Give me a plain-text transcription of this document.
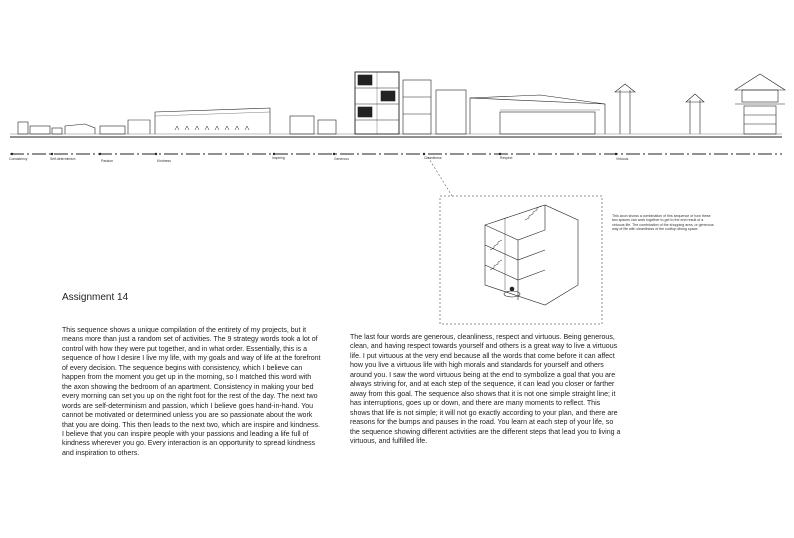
Consistency	Self-determinism	Passion	Kindness
Inspiring	Generous	Cleanliness	Respect	Virtuous
This axon shows a combination of this sequence of how these two spaces can work together to get to the end result of a virtuous life. The combination of the shopping area, or generous way of life with cleanliness of the rooftop dining space.
Assignment 14
This sequence shows a unique compilation of the entirety of my projects, but it means more than just a random set of activities. The 9 strategy words took a lot of control with how they were put together, and in what order. Essentially, this is a sequence of how I desire I live my life, with my goals and way of life at the forefront of every decision. The sequence begins with consistency, which I believe can happen from the moment you get up in the morning, so I matched this word with the axon showing the bedroom of an apartment. Consistency in making your bed every morning can set you up on the right foot for the rest of the day. The next two words are self-determinism and passion, which I believe goes hand-in-hand. You cannot be motivated or determined unless you are so passionate about the work that you are doing. This then leads to the next two, which are inspire and kindness. I believe that you can inspire people with your passions and leading a life full of kindness wherever you go. Every interaction is an opportunity to spread kindness and inspiration to others.
The last four words are generous, cleanliness, respect and virtuous. Being generous, clean, and having respect towards yourself and others is a great way to live a virtuous life. I put virtuous at the very end because all the words that come before it can affect how you live a virtuous life with high morals and standards for yourself and others around you. I saw the word virtuous being at the end to symbolize a goal that you are always striving for, and at each step of the sequence, it can lead you closer or farther away from this goal. The sequence also shows that it is not one simple straight line; it has interruptions, goes up or down, and there are many moments to reflect. This shows that life is not simple; it will not go exactly according to your plan, and there are reasons for the bumps and pauses in the road. You learn at each step of your life, so the sequence showing different activities are the different steps that lead you to living a virtuous, and fulfilled life.
